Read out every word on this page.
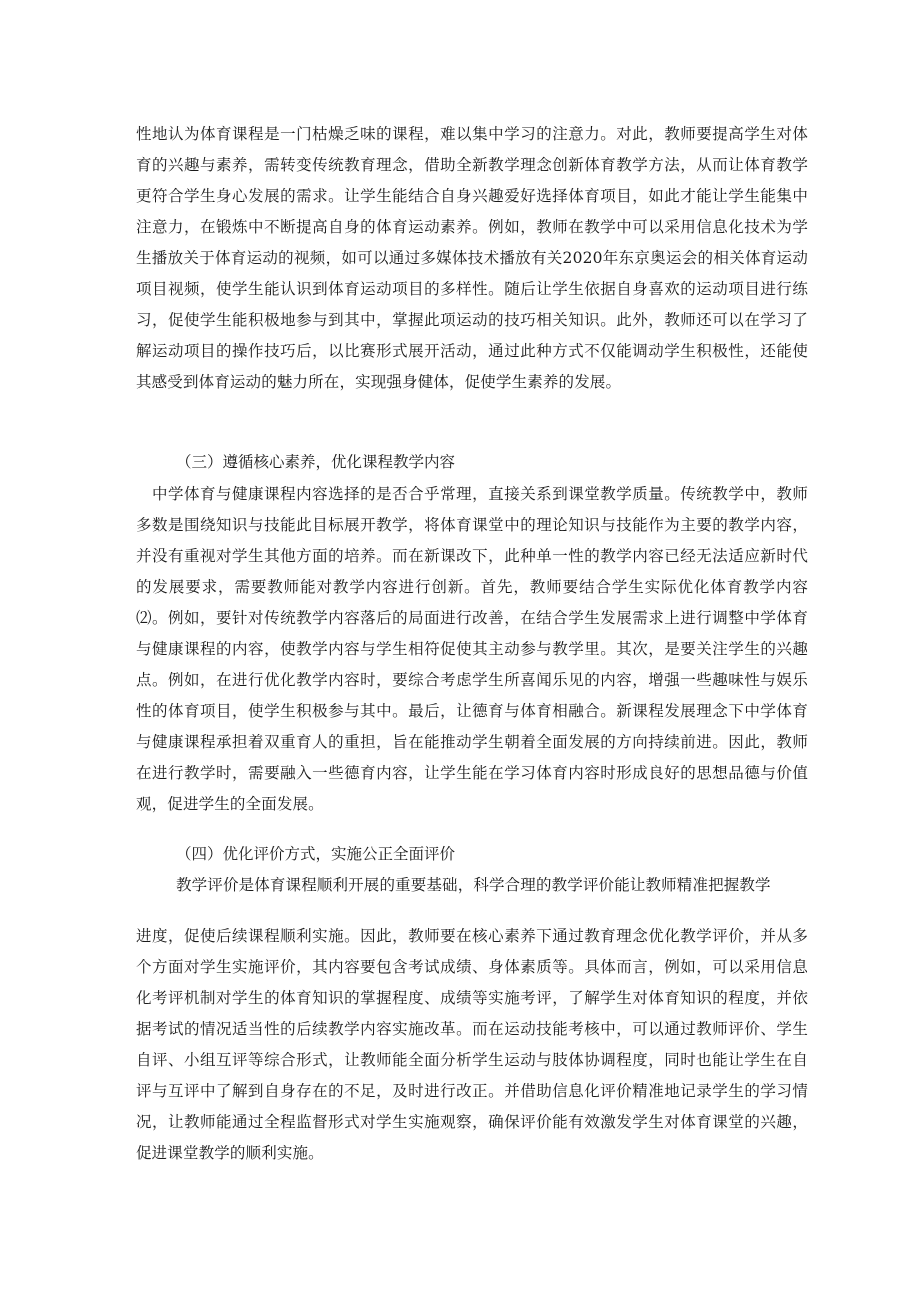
性地认为体育课程是一门枯燥乏味的课程，难以集中学习的注意力。对此，教师要提高学生对体育的兴趣与素养，需转变传统教育理念，借助全新教学理念创新体育教学方法，从而让体育教学更符合学生身心发展的需求。让学生能结合自身兴趣爱好选择体育项目，如此才能让学生能集中注意力，在锻炼中不断提高自身的体育运动素养。例如，教师在教学中可以采用信息化技术为学生播放关于体育运动的视频，如可以通过多媒体技术播放有关2020年东京奥运会的相关体育运动项目视频，使学生能认识到体育运动项目的多样性。随后让学生依据自身喜欢的运动项目进行练习，促使学生能积极地参与到其中，掌握此项运动的技巧相关知识。此外，教师还可以在学习了解运动项目的操作技巧后，以比赛形式展开活动，通过此种方式不仅能调动学生积极性，还能使其感受到体育运动的魅力所在，实现强身健体，促使学生素养的发展。

（三）遵循核心素养，优化课程教学内容

中学体育与健康课程内容选择的是否合乎常理，直接关系到课堂教学质量。传统教学中，教师多数是围绕知识与技能此目标展开教学，将体育课堂中的理论知识与技能作为主要的教学内容，并没有重视对学生其他方面的培养。而在新课改下，此种单一性的教学内容已经无法适应新时代的发展要求，需要教师能对教学内容进行创新。首先，教师要结合学生实际优化体育教学内容⑵。例如，要针对传统教学内容落后的局面进行改善，在结合学生发展需求上进行调整中学体育与健康课程的内容，使教学内容与学生相符促使其主动参与教学里。其次，是要关注学生的兴趣点。例如，在进行优化教学内容时，要综合考虑学生所喜闻乐见的内容，增强一些趣味性与娱乐性的体育项目，使学生积极参与其中。最后，让德育与体育相融合。新课程发展理念下中学体育与健康课程承担着双重育人的重担，旨在能推动学生朝着全面发展的方向持续前进。因此，教师在进行教学时，需要融入一些德育内容，让学生能在学习体育内容时形成良好的思想品德与价值观，促进学生的全面发展。

（四）优化评价方式，实施公正全面评价

教学评价是体育课程顺利开展的重要基础，科学合理的教学评价能让教师精准把握教学

进度，促使后续课程顺利实施。因此，教师要在核心素养下通过教育理念优化教学评价，并从多个方面对学生实施评价，其内容要包含考试成绩、身体素质等。具体而言，例如，可以采用信息化考评机制对学生的体育知识的掌握程度、成绩等实施考评，了解学生对体育知识的程度，并依据考试的情况适当性的后续教学内容实施改革。而在运动技能考核中，可以通过教师评价、学生自评、小组互评等综合形式，让教师能全面分析学生运动与肢体协调程度，同时也能让学生在自评与互评中了解到自身存在的不足，及时进行改正。并借助信息化评价精准地记录学生的学习情况，让教师能通过全程监督形式对学生实施观察，确保评价能有效激发学生对体育课堂的兴趣，促进课堂教学的顺利实施。
